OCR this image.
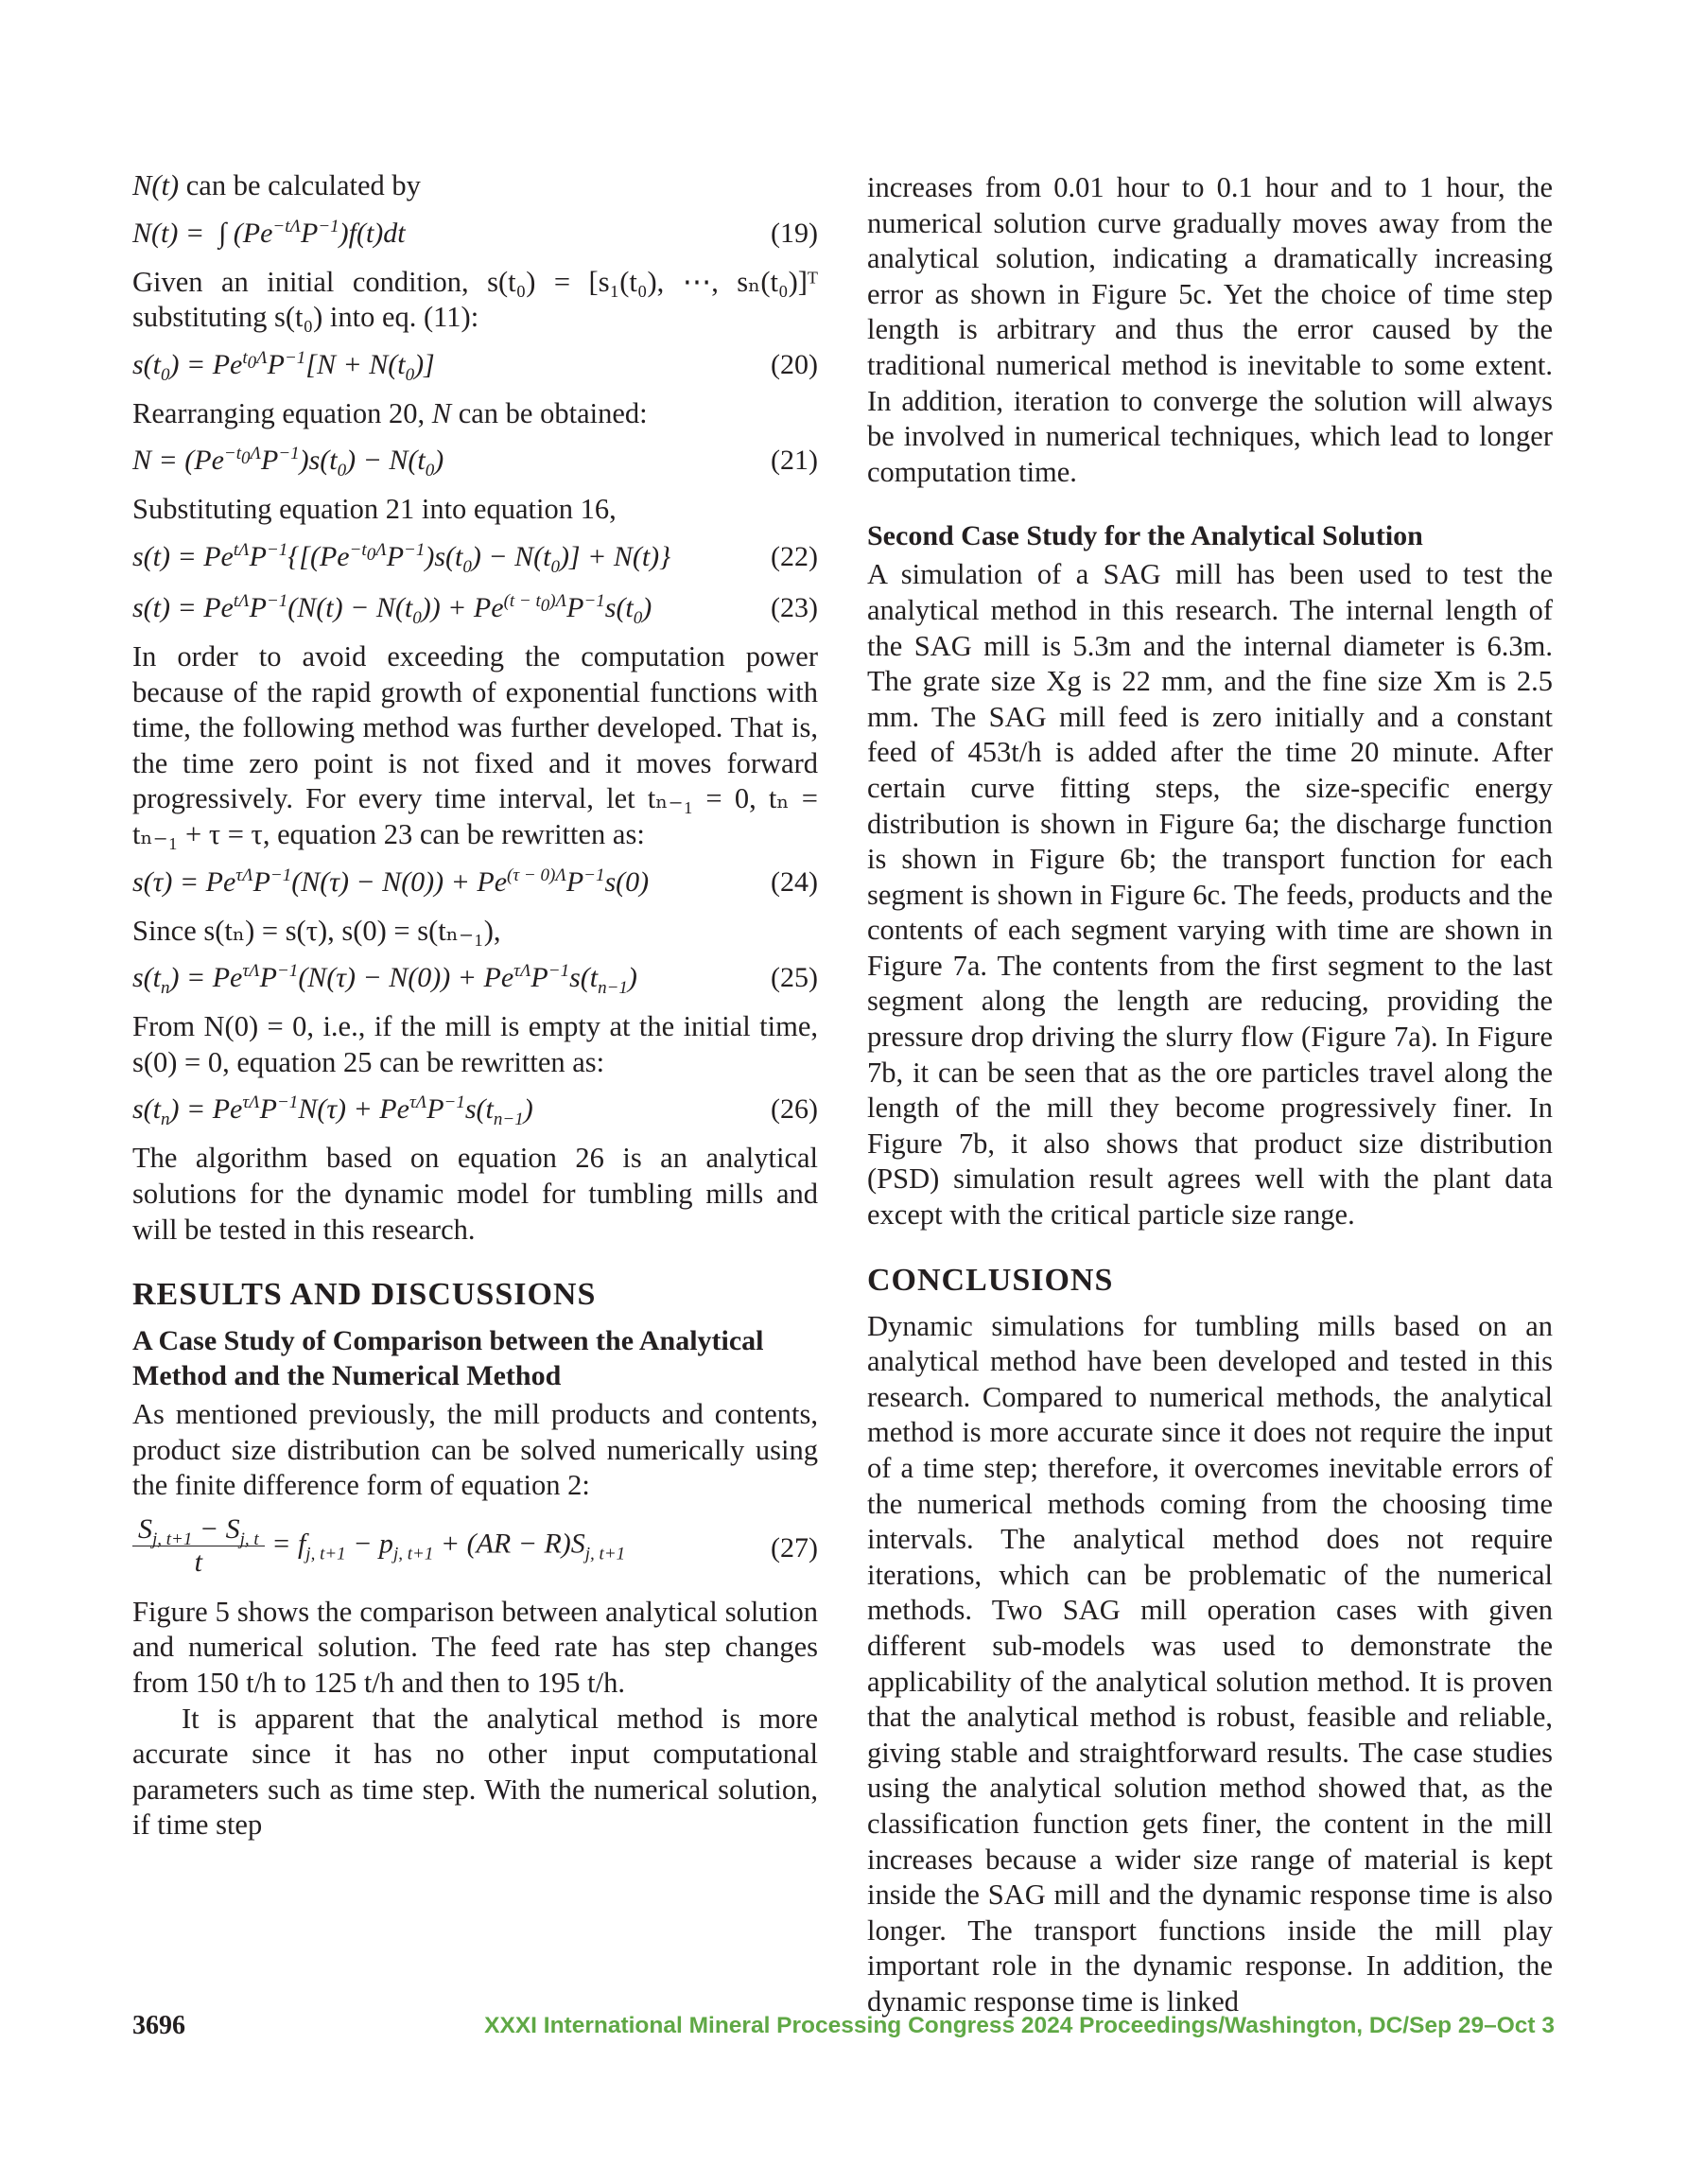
N(t) can be calculated by

N(t) =  ∫ $(Pe^{-t\Lambda}P^{-1})f(t)dt$	(19)

Given an initial condition, s(t₀) = [s₁(t₀), ⋯, sₙ(t₀)]ᵀ substituting s(t₀) into eq. (11):

$s(t_0) = Pe^{t_0\Lambda}P^{-1}[N + N(t_0)]$	(20)

Rearranging equation 20, N can be obtained:

$N = (Pe^{-t_0\Lambda}P^{-1})s(t_0) - N(t_0)$	(21)

Substituting equation 21 into equation 16,

$s(t) = Pe^{t\Lambda}P^{-1}\{[(Pe^{-t_0\Lambda}P^{-1})s(t_0) - N(t_0)] + N(t)\}$	(22)
$s(t) = Pe^{t\Lambda}P^{-1}(N(t) - N(t_0)) + Pe^{(t - t_0)\Lambda}P^{-1}s(t_0)$	(23)

In order to avoid exceeding the computation power because of the rapid growth of exponential functions with time, the following method was further developed. That is, the time zero point is not fixed and it moves forward progressively. For every time interval, let tₙ₋₁ = 0, tₙ = tₙ₋₁ + τ = τ, equation 23 can be rewritten as:

$s(\tau) = Pe^{\tau\Lambda}P^{-1}(N(\tau) - N(0)) + Pe^{(\tau - 0)\Lambda}P^{-1}s(0)$	(24)

Since s(tₙ) = s(τ), s(0) = s(tₙ₋₁),

$s(t_n) = Pe^{\tau\Lambda}P^{-1}(N(\tau) - N(0)) + Pe^{\tau\Lambda}P^{-1}s(t_{n-1})$	(25)

From N(0) = 0, i.e., if the mill is empty at the initial time, s(0) = 0, equation 25 can be rewritten as:

$s(t_n) = Pe^{\tau\Lambda}P^{-1}N(\tau) + Pe^{\tau\Lambda}P^{-1}s(t_{n-1})$	(26)

The algorithm based on equation 26 is an analytical solutions for the dynamic model for tumbling mills and will be tested in this research.

RESULTS AND DISCUSSIONS
A Case Study of Comparison between the Analytical Method and the Numerical Method

As mentioned previously, the mill products and contents, product size distribution can be solved numerically using the finite difference form of equation 2:

$\frac{S_{j, t+1} - S_{j, t}}{t} = f_{j, t+1} - p_{j, t+1} + (AR - R)S_{j, t+1}$	(27)

Figure 5 shows the comparison between analytical solution and numerical solution. The feed rate has step changes from 150 t/h to 125 t/h and then to 195 t/h.

It is apparent that the analytical method is more accurate since it has no other input computational parameters such as time step. With the numerical solution, if time step

increases from 0.01 hour to 0.1 hour and to 1 hour, the numerical solution curve gradually moves away from the analytical solution, indicating a dramatically increasing error as shown in Figure 5c. Yet the choice of time step length is arbitrary and thus the error caused by the traditional numerical method is inevitable to some extent. In addition, iteration to converge the solution will always be involved in numerical techniques, which lead to longer computation time.

Second Case Study for the Analytical Solution

A simulation of a SAG mill has been used to test the analytical method in this research. The internal length of the SAG mill is 5.3m and the internal diameter is 6.3m. The grate size Xg is 22 mm, and the fine size Xm is 2.5 mm. The SAG mill feed is zero initially and a constant feed of 453t/h is added after the time 20 minute. After certain curve fitting steps, the size-specific energy distribution is shown in Figure 6a; the discharge function is shown in Figure 6b; the transport function for each segment is shown in Figure 6c. The feeds, products and the contents of each segment varying with time are shown in Figure 7a. The contents from the first segment to the last segment along the length are reducing, providing the pressure drop driving the slurry flow (Figure 7a). In Figure 7b, it can be seen that as the ore particles travel along the length of the mill they become progressively finer. In Figure 7b, it also shows that product size distribution (PSD) simulation result agrees well with the plant data except with the critical particle size range.

CONCLUSIONS

Dynamic simulations for tumbling mills based on an analytical method have been developed and tested in this research. Compared to numerical methods, the analytical method is more accurate since it does not require the input of a time step; therefore, it overcomes inevitable errors of the numerical methods coming from the choosing time intervals. The analytical method does not require iterations, which can be problematic of the numerical methods. Two SAG mill operation cases with given different sub-models was used to demonstrate the applicability of the analytical solution method. It is proven that the analytical method is robust, feasible and reliable, giving stable and straightforward results. The case studies using the analytical solution method showed that, as the classification function gets finer, the content in the mill increases because a wider size range of material is kept inside the SAG mill and the dynamic response time is also longer. The transport functions inside the mill play important role in the dynamic response. In addition, the dynamic response time is linked

3696	XXXI International Mineral Processing Congress 2024 Proceedings/Washington, DC/Sep 29–Oct 3
